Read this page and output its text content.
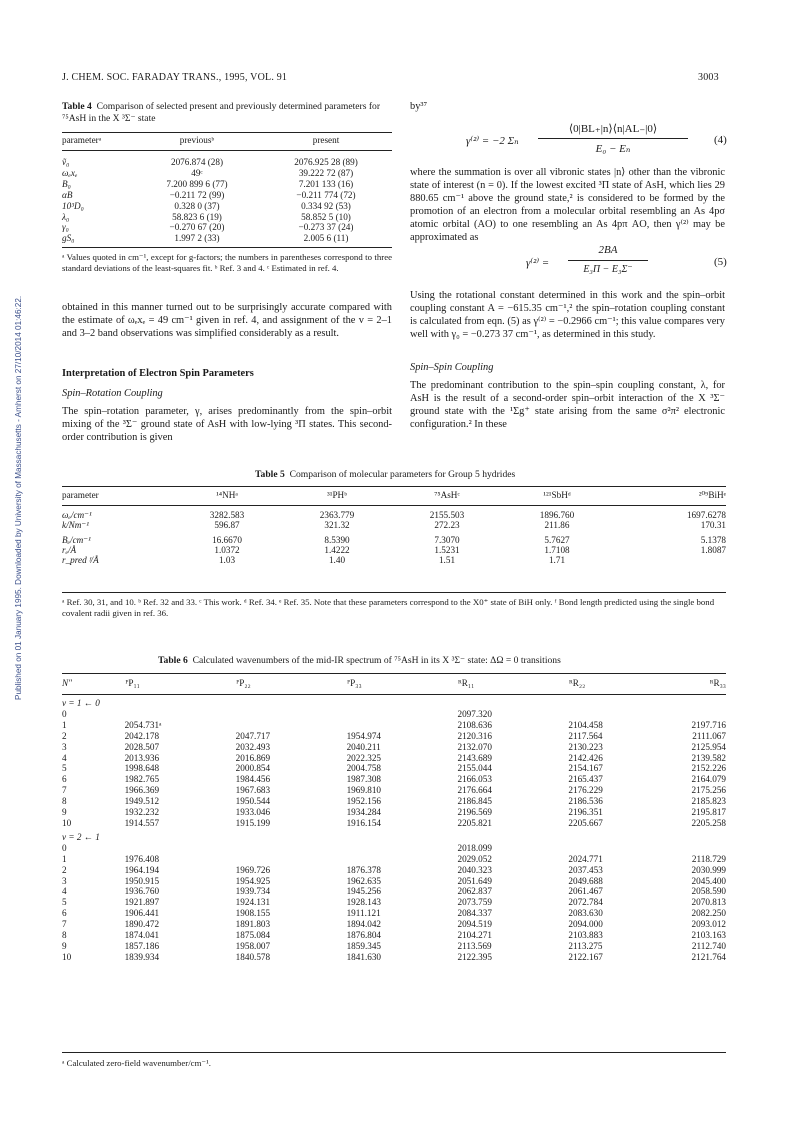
Published on 01 January 1995. Downloaded by University of Massachusetts - Amherst on 27/10/2014 01:46:22.
J. CHEM. SOC. FARADAY TRANS., 1995, VOL. 91	3003
Table 4 Comparison of selected present and previously determined parameters for ⁷⁵AsH in the X ³Σ⁻ state
parameterᵃ	previousᵇ	present
ṽ₀	2076.874 (28)	2076.925 28 (89)
ωₑxₑ	49ᶜ	39.222 72 (87)
B₀	7.200 899 6 (77)	7.201 133 (16)
αB	−0.211 72 (99)	−0.211 774 (72)
10³D₀	0.328 0 (37)	0.334 92 (53)
λ₀	58.823 6 (19)	58.852 5 (10)
γ₀	−0.270 67 (20)	−0.273 37 (24)
gS₀	1.997 2 (33)	2.005 6 (11)
ᵃ Values quoted in cm⁻¹, except for g-factors; the numbers in parentheses correspond to three standard deviations of the least-squares fit. ᵇ Ref. 3 and 4. ᶜ Estimated in ref. 4.
obtained in this manner turned out to be surprisingly accurate compared with the estimate of ωₑxₑ = 49 cm⁻¹ given in ref. 4, and assignment of the v = 2–1 and 3–2 band observations was simplified considerably as a result.
Interpretation of Electron Spin Parameters
Spin–Rotation Coupling
The spin–rotation parameter, γ, arises predominantly from the spin–orbit mixing of the ³Σ⁻ ground state of AsH with low-lying ³Π states. This second-order contribution is given
by³⁷
γ⁽²⁾ = −2 Σₙ
⟨0|BL₊|n⟩⟨n|AL₋|0⟩
E₀ − Eₙ
(4)
where the summation is over all vibronic states |n⟩ other than the vibronic state of interest (n = 0). If the lowest excited ³Π state of AsH, which lies 29 880.65 cm⁻¹ above the ground state,² is considered to be formed by the promotion of an electron from a molecular orbital resembling an As 4pσ atomic orbital (AO) to one resembling an As 4pπ AO, then γ⁽²⁾ may be approximated as
γ⁽²⁾ =
2BA
E₃Π − E₃Σ⁻
(5)
Using the rotational constant determined in this work and the spin–orbit coupling constant A = −615.35 cm⁻¹,² the spin–rotation coupling constant is calculated from eqn. (5) as γ⁽²⁾ = −0.2966 cm⁻¹; this value compares very well with γ₀ = −0.273 37 cm⁻¹, as determined in this study.
Spin–Spin Coupling
The predominant contribution to the spin–spin coupling constant, λ, for AsH is the result of a second-order spin–orbit interaction of the X ³Σ⁻ ground state with the ¹Σg⁺ state arising from the same σ²π² electronic configuration.² In these
Table 5 Comparison of molecular parameters for Group 5 hydrides
parameter	¹⁴NHᵃ	³¹PHᵇ	⁷⁵AsHᶜ	¹²¹SbHᵈ	²⁰⁹BiHᵉ
ωₑ/cm⁻¹	3282.583	2363.779	2155.503	1896.760	1697.6278
k/Nm⁻¹	596.87	321.32	272.23	211.86	170.31
Bₑ/cm⁻¹	16.6670	8.5390	7.3070	5.7627	5.1378
rₑ/Å	1.0372	1.4222	1.5231	1.7108	1.8087
r_pred ᶠ/Å	1.03	1.40	1.51	1.71	
ᵃ Ref. 30, 31, and 10. ᵇ Ref. 32 and 33. ᶜ This work. ᵈ Ref. 34. ᵉ Ref. 35. Note that these parameters correspond to the X0⁺ state of BiH only. ᶠ Bond length predicted using the single bond covalent radii given in ref. 36.
Table 6 Calculated wavenumbers of the mid-IR spectrum of ⁷⁵AsH in its X ³Σ⁻ state: ΔΩ = 0 transitions
N″	ᴾP₁₁	ᴾP₂₂	ᴾP₃₃	ᴿR₁₁	ᴿR₂₂	ᴿR₃₃
v = 1 ← 0						
0				2097.320		
1	2054.731ᵃ			2108.636	2104.458	2197.716
2	2042.178	2047.717	1954.974	2120.316	2117.564	2111.067
3	2028.507	2032.493	2040.211	2132.070	2130.223	2125.954
4	2013.936	2016.869	2022.325	2143.689	2142.426	2139.582
5	1998.648	2000.854	2004.758	2155.044	2154.167	2152.226
6	1982.765	1984.456	1987.308	2166.053	2165.437	2164.079
7	1966.369	1967.683	1969.810	2176.664	2176.229	2175.256
8	1949.512	1950.544	1952.156	2186.845	2186.536	2185.823
9	1932.232	1933.046	1934.284	2196.569	2196.351	2195.817
10	1914.557	1915.199	1916.154	2205.821	2205.667	2205.258

v = 2 ← 1						
0				2018.099		
1	1976.408			2029.052	2024.771	2118.729
2	1964.194	1969.726	1876.378	2040.323	2037.453	2030.999
3	1950.915	1954.925	1962.635	2051.649	2049.688	2045.400
4	1936.760	1939.734	1945.256	2062.837	2061.467	2058.590
5	1921.897	1924.131	1928.143	2073.759	2072.784	2070.813
6	1906.441	1908.155	1911.121	2084.337	2083.630	2082.250
7	1890.472	1891.803	1894.042	2094.519	2094.000	2093.012
8	1874.041	1875.084	1876.804	2104.271	2103.883	2103.163
9	1857.186	1958.007	1859.345	2113.569	2113.275	2112.740
10	1839.934	1840.578	1841.630	2122.395	2122.167	2121.764
ᵃ Calculated zero-field wavenumber/cm⁻¹.
